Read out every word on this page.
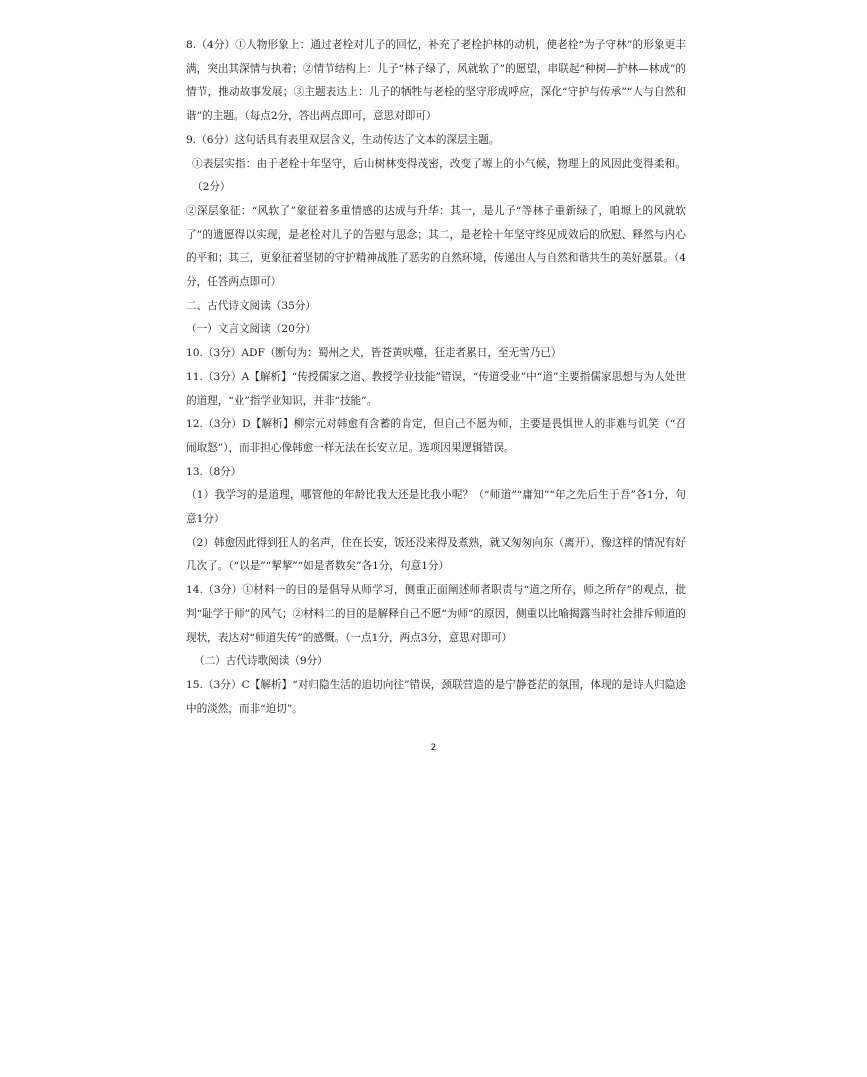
8.（4分）①人物形象上：通过老栓对儿子的回忆，补充了老栓护林的动机，使老栓“为子守林”的形象更丰满，突出其深情与执着；②情节结构上：儿子“林子绿了，风就软了”的愿望，串联起“种树—护林—林成”的情节，推动故事发展；③主题表达上：儿子的牺牲与老栓的坚守形成呼应，深化“守护与传承”“人与自然和谐”的主题。（每点2分，答出两点即可，意思对即可）

9.（6分）这句话具有表里双层含义，生动传达了文本的深层主题。

①表层实指：由于老栓十年坚守，后山树林变得茂密，改变了塬上的小气候，物理上的风因此变得柔和。（2分）

②深层象征：“风软了”象征着多重情感的达成与升华：其一，是儿子“等林子重新绿了，咱塬上的风就软了”的遗愿得以实现，是老栓对儿子的告慰与思念；其二，是老栓十年坚守终见成效后的欣慰、释然与内心的平和；其三，更象征着坚韧的守护精神战胜了恶劣的自然环境，传递出人与自然和谐共生的美好愿景。（4分，任答两点即可）

二、古代诗文阅读（35分）

（一）文言文阅读（20分）

10.（3分）ADF（断句为：蜀州之犬，皆苍黄吠噬，狂走者累日，至无雪乃已）

11.（3分）A【解析】“传授儒家之道、教授学业技能”错误，“传道受业”中“道”主要指儒家思想与为人处世的道理，“业”指学业知识，并非“技能”。

12.（3分）D【解析】柳宗元对韩愈有含蓄的肯定，但自己不愿为师，主要是畏惧世人的非难与讥笑（“召闹取怒”），而非担心像韩愈一样无法在长安立足。选项因果逻辑错误。

13.（8分）

（1）我学习的是道理，哪管他的年龄比我大还是比我小呢？（“师道”“庸知”“年之先后生于吾”各1分，句意1分）

（2）韩愈因此得到狂人的名声，住在长安，饭还没来得及煮熟，就又匆匆向东（离开），像这样的情况有好几次了。（“以是”“挈挈”“如是者数矣”各1分，句意1分）

14.（3分）①材料一的目的是倡导从师学习，侧重正面阐述师者职责与“道之所存，师之所存”的观点，批判“耻学于师”的风气；②材料二的目的是解释自己不愿“为师”的原因，侧重以比喻揭露当时社会排斥师道的现状，表达对“师道失传”的感慨。（一点1分，两点3分，意思对即可）

（二）古代诗歌阅读（9分）

15.（3分）C【解析】“对归隐生活的追切向往”错误，颈联营造的是宁静苍茫的氛围，体现的是诗人归隐途中的淡然，而非“迫切”。

2
